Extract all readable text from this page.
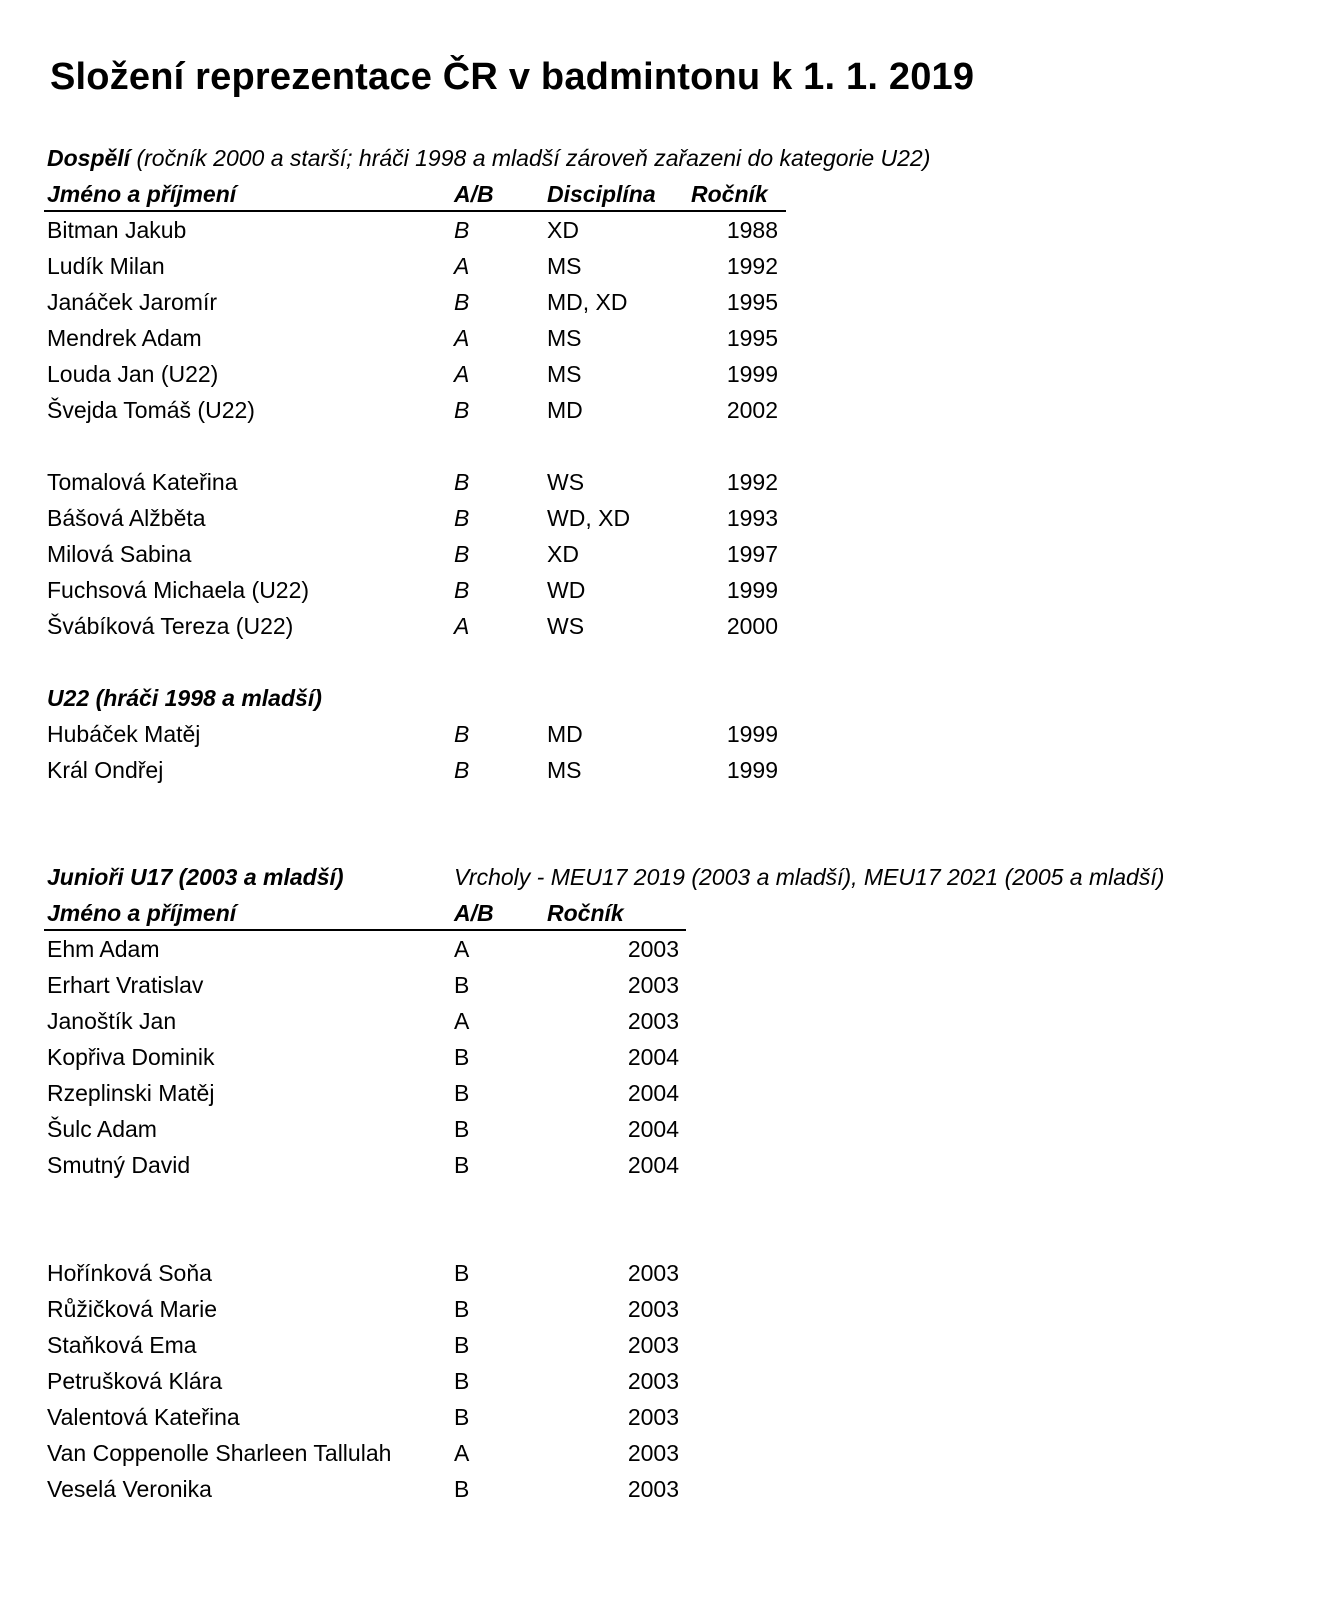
Složení reprezentace ČR v badmintonu k 1. 1. 2019
Dospělí (ročník 2000 a starší; hráči 1998 a mladší zároveň zařazeni do kategorie U22)
Jméno a příjmení	A/B Disciplína Ročník
Bitman Jakub	B	XD	1988
Ludík Milan	A	MS	1992
Janáček Jaromír	B	MD, XD	1995
Mendrek Adam	A	MS	1995
Louda Jan (U22)	A	MS	1999
Švejda Tomáš (U22)	B	MD	2002
Tomalová Kateřina	B	WS	1992
Bášová Alžběta	B	WD, XD	1993
Milová Sabina	B	XD	1997
Fuchsová Michaela (U22)	B	WD	1999
Švábíková Tereza (U22)	A	WS	2000
U22 (hráči 1998 a mladší)
Hubáček Matěj	B	MD	1999
Král Ondřej	B	MS	1999
Junioři U17 (2003 a mladší)	Vrcholy - MEU17 2019 (2003 a mladší), MEU17 2021 (2005 a mladší)
Jméno a příjmení	A/B Ročník
Ehm Adam	A	2003
Erhart Vratislav	B	2003
Janoštík Jan	A	2003
Kopřiva Dominik	B	2004
Rzeplinski Matěj	B	2004
Šulc Adam	B	2004
Smutný David	B	2004
Hořínková Soňa	B	2003
Růžičková Marie	B	2003
Staňková Ema	B	2003
Petrušková Klára	B	2003
Valentová Kateřina	B	2003
Van Coppenolle Sharleen Tallulah	A	2003
Veselá Veronika	B	2003
